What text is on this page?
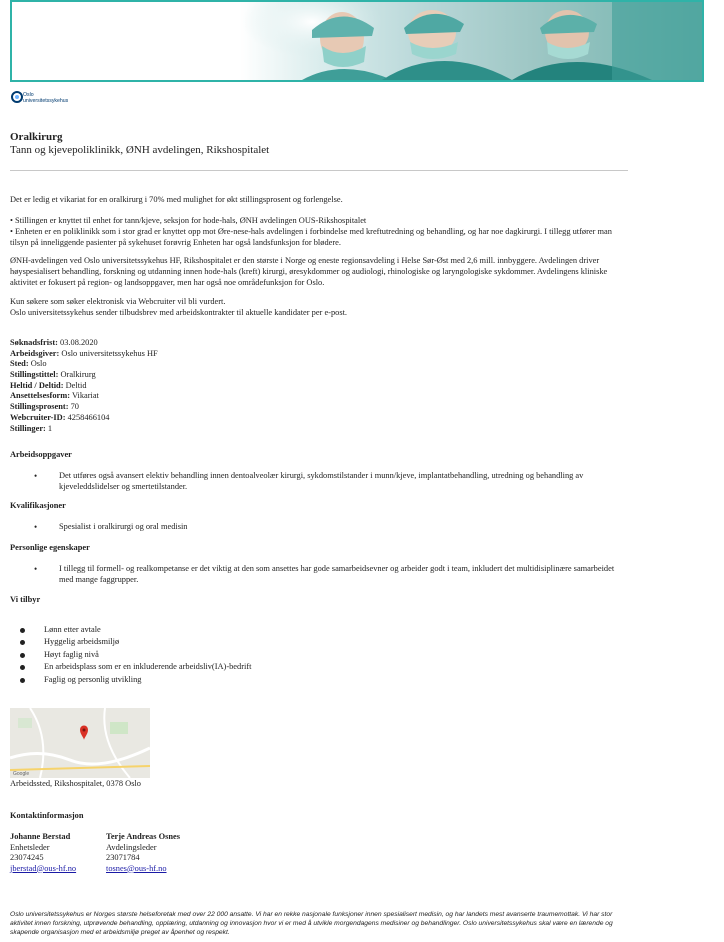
Oslo
universitetssykehus
Oralkirurg
Tann og kjevepoliklinikk, ØNH avdelingen, Rikshospitalet

Det er ledig et vikariat for en oralkirurg i 70% med mulighet for økt stillingsprosent og forlengelse.

• Stillingen er knyttet til enhet for tann/kjeve, seksjon for hode-hals, ØNH avdelingen OUS-Rikshospitalet
• Enheten er en poliklinikk som i stor grad er knyttet opp mot Øre-nese-hals avdelingen i forbindelse med kreftutredning og behandling, og har noe dagkirurgi. I tillegg utfører man tilsyn på inneliggende pasienter på sykehuset forøvrig Enheten har også landsfunksjon for blødere.

ØNH-avdelingen ved Oslo universitetssykehus HF, Rikshospitalet er den største i Norge og eneste regionsavdeling i Helse Sør-Øst med 2,6 mill. innbyggere. Avdelingen driver høyspesialisert behandling, forskning og utdanning innen hode-hals (kreft) kirurgi, øresykdommer og audiologi, rhinologiske og laryngologiske sykdommer. Avdelingens kliniske aktivitet er fokusert på region- og landsoppgaver, men har også noe områdefunksjon for Oslo.

Kun søkere som søker elektronisk via Webcruiter vil bli vurdert.
Oslo universitetssykehus sender tilbudsbrev med arbeidskontrakter til aktuelle kandidater per e-post.
Søknadsfrist: 03.08.2020
Arbeidsgiver: Oslo universitetssykehus HF
Sted: Oslo
Stillingstittel: Oralkirurg
Heltid / Deltid: Deltid
Ansettelsesform: Vikariat
Stillingsprosent: 70
Webcruiter-ID: 4258466104
Stillinger: 1
Arbeidsoppgaver
•	Det utføres også avansert elektiv behandling innen dentoalveolær kirurgi, sykdomstilstander i munn/kjeve, implantatbehandling, utredning og behandling av kjeveleddslidelser og smertetilstander.
Kvalifikasjoner
•	Spesialist i oralkirurgi og oral medisin
Personlige egenskaper
•	I tillegg til formell- og realkompetanse er det viktig at den som ansettes har gode samarbeidsevner og arbeider godt i team, inkludert det multidisiplinære samarbeidet med mange faggrupper.
Vi tilbyr
Lønn etter avtale
Hyggelig arbeidsmiljø
Høyt faglig nivå
En arbeidsplass som er en inkluderende arbeidsliv(IA)-bedrift
Faglig og personlig utvikling
Google
Arbeidssted, Rikshospitalet, 0378 Oslo
Kontaktinformasjon
Johanne Berstad
Enhetsleder
23074245
jberstad@ous-hf.no
Terje Andreas Osnes
Avdelingsleder
23071784
tosnes@ous-hf.no
Oslo universitetssykehus er Norges største helseforetak med over 22 000 ansatte. Vi har en rekke nasjonale funksjoner innen spesialisert medisin, og har landets mest avanserte traumemottak. Vi har stor aktivitet innen forskning, utprøvende behandling, opplæring, utdanning og innovasjon hvor vi er med å utvikle morgendagens medisiner og behandlinger. Oslo universitetssykehus skal være en lærende og skapende organisasjon med et arbeidsmiljø preget av åpenhet og respekt.
